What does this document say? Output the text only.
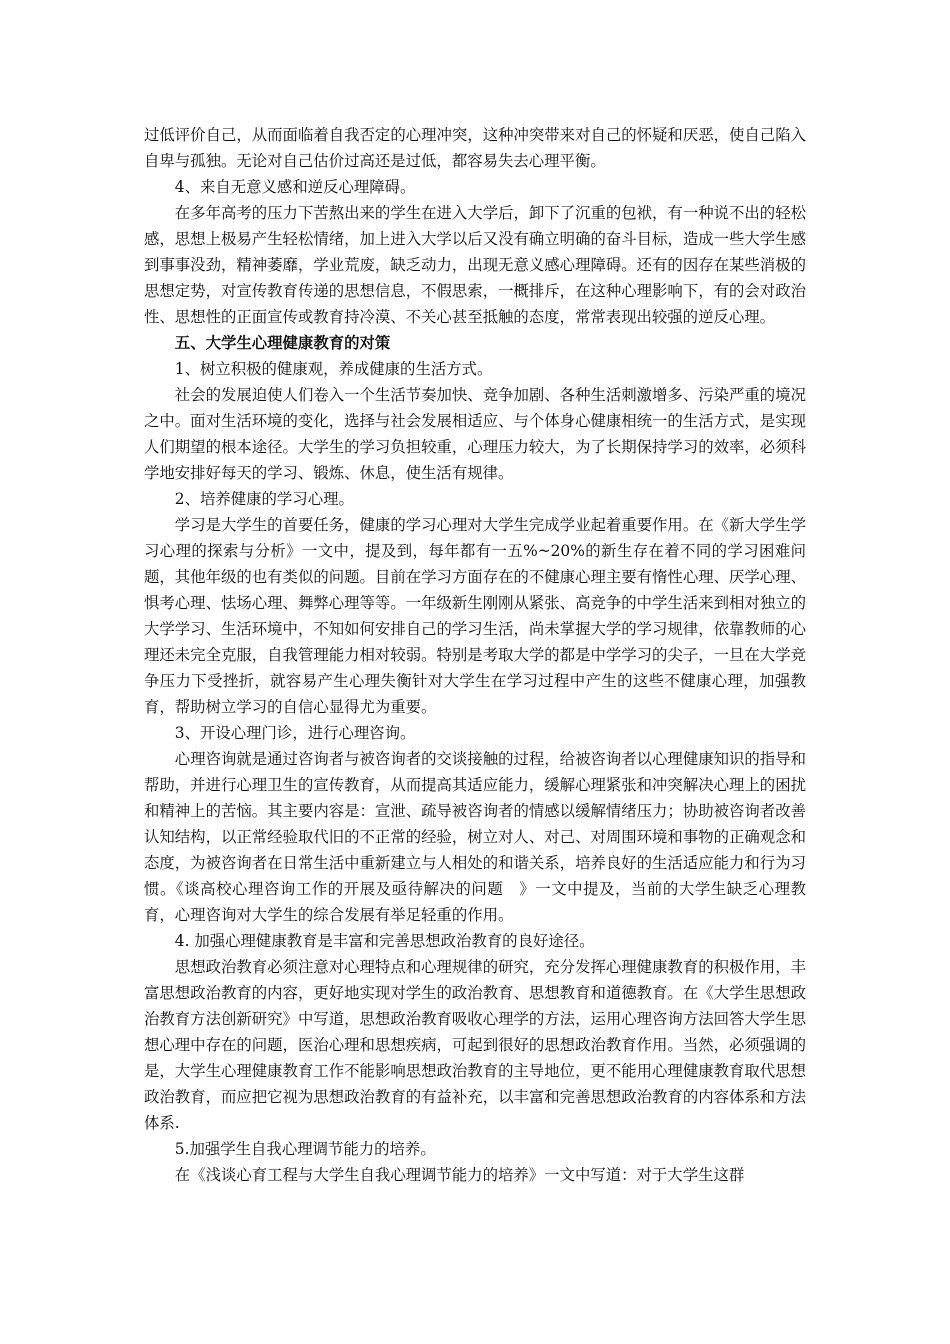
过低评价自己，从而面临着自我否定的心理冲突，这种冲突带来对自己的怀疑和厌恶，使自己陷入自卑与孤独。无论对自己估价过高还是过低，都容易失去心理平衡。

4、来自无意义感和逆反心理障碍。

在多年高考的压力下苦熬出来的学生在进入大学后，卸下了沉重的包袱，有一种说不出的轻松感，思想上极易产生轻松情绪，加上进入大学以后又没有确立明确的奋斗目标，造成一些大学生感到事事没劲，精神萎靡，学业荒废，缺乏动力，出现无意义感心理障碍。还有的因存在某些消极的思想定势，对宣传教育传递的思想信息，不假思索，一概排斥，在这种心理影响下，有的会对政治性、思想性的正面宣传或教育持冷漠、不关心甚至抵触的态度，常常表现出较强的逆反心理。

五、大学生心理健康教育的对策

1、树立积极的健康观，养成健康的生活方式。

社会的发展迫使人们卷入一个生活节奏加快、竞争加剧、各种生活刺激增多、污染严重的境况之中。面对生活环境的变化，选择与社会发展相适应、与个体身心健康相统一的生活方式，是实现人们期望的根本途径。大学生的学习负担较重，心理压力较大，为了长期保持学习的效率，必须科学地安排好每天的学习、锻炼、休息，使生活有规律。

2、培养健康的学习心理。

学习是大学生的首要任务，健康的学习心理对大学生完成学业起着重要作用。在《新大学生学习心理的探索与分析》一文中，提及到，每年都有一五%~20%的新生存在着不同的学习困难问题，其他年级的也有类似的问题。目前在学习方面存在的不健康心理主要有惰性心理、厌学心理、惧考心理、怯场心理、舞弊心理等等。一年级新生刚刚从紧张、高竞争的中学生活来到相对独立的大学学习、生活环境中，不知如何安排自己的学习生活，尚未掌握大学的学习规律，依靠教师的心理还未完全克服，自我管理能力相对较弱。特别是考取大学的都是中学学习的尖子，一旦在大学竞争压力下受挫折，就容易产生心理失衡针对大学生在学习过程中产生的这些不健康心理，加强教育，帮助树立学习的自信心显得尤为重要。

3、开设心理门诊，进行心理咨询。

心理咨询就是通过咨询者与被咨询者的交谈接触的过程，给被咨询者以心理健康知识的指导和帮助，并进行心理卫生的宣传教育，从而提高其适应能力，缓解心理紧张和冲突解决心理上的困扰和精神上的苦恼。其主要内容是：宣泄、疏导被咨询者的情感以缓解情绪压力；协助被咨询者改善认知结构，以正常经验取代旧的不正常的经验，树立对人、对己、对周围环境和事物的正确观念和态度，为被咨询者在日常生活中重新建立与人相处的和谐关系，培养良好的生活适应能力和行为习惯。《谈高校心理咨询工作的开展及亟待解决的问题　》一文中提及，当前的大学生缺乏心理教育，心理咨询对大学生的综合发展有举足轻重的作用。

4. 加强心理健康教育是丰富和完善思想政治教育的良好途径。

思想政治教育必须注意对心理特点和心理规律的研究，充分发挥心理健康教育的积极作用，丰富思想政治教育的内容，更好地实现对学生的政治教育、思想教育和道德教育。在《大学生思想政治教育方法创新研究》中写道，思想政治教育吸收心理学的方法，运用心理咨询方法回答大学生思想心理中存在的问题，医治心理和思想疾病，可起到很好的思想政治教育作用。当然，必须强调的是，大学生心理健康教育工作不能影响思想政治教育的主导地位，更不能用心理健康教育取代思想政治教育，而应把它视为思想政治教育的有益补充，以丰富和完善思想政治教育的内容体系和方法体系.

5.加强学生自我心理调节能力的培养。

在《浅谈心育工程与大学生自我心理调节能力的培养》一文中写道：对于大学生这群
